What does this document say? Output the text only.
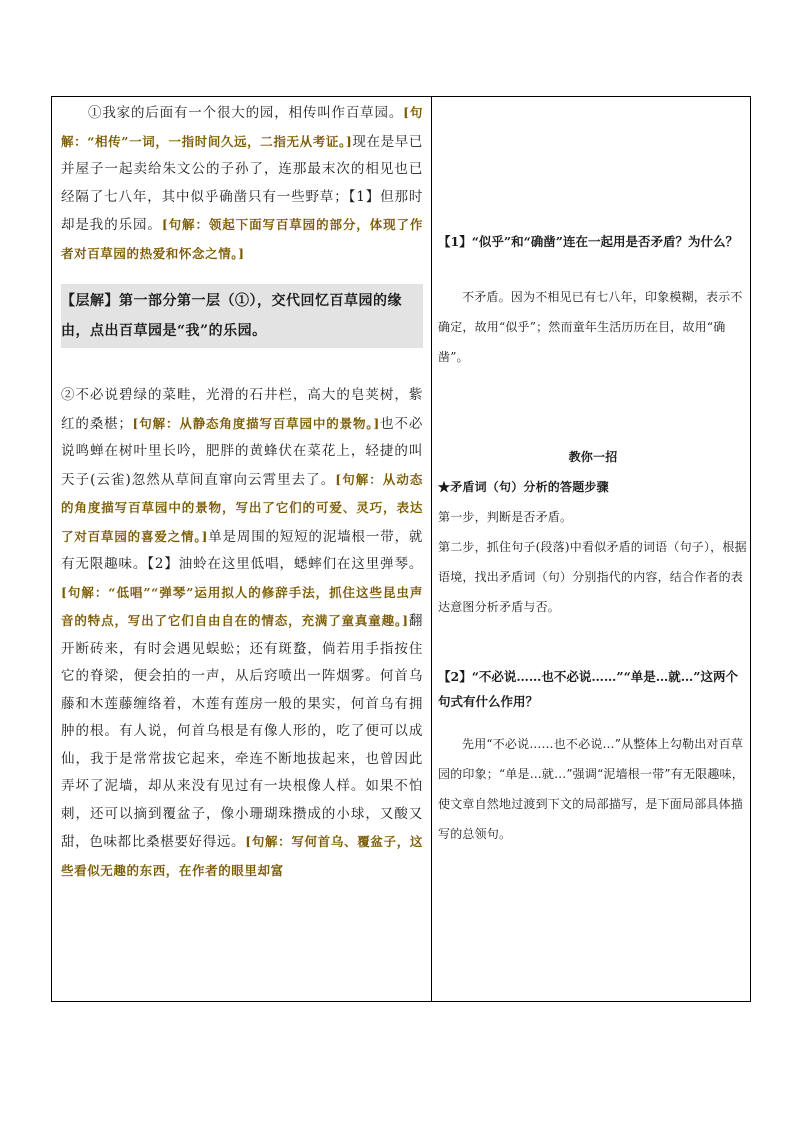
①我家的后面有一个很大的园，相传叫作百草园。[句解：“相传”一词，一指时间久远，二指无从考证。]现在是早已并屋子一起卖给朱文公的子孙了，连那最末次的相见也已经隔了七八年，其中似乎确凿只有一些野草；【1】但那时却是我的乐园。[句解：领起下面写百草园的部分，体现了作者对百草园的热爱和怀念之情。]

【层解】第一部分第一层（①），交代回忆百草园的缘由，点出百草园是“我”的乐园。

②不必说碧绿的菜畦，光滑的石井栏，高大的皂荚树，紫红的桑椹；[句解：从静态角度描写百草园中的景物。]也不必说鸣蝉在树叶里长吟，肥胖的黄蜂伏在菜花上，轻捷的叫天子(云雀)忽然从草间直窜向云霄里去了。[句解：从动态的角度描写百草园中的景物，写出了它们的可爱、灵巧，表达了对百草园的喜爱之情。]单是周围的短短的泥墙根一带，就有无限趣味。【2】油蛉在这里低唱，蟋蟀们在这里弹琴。[句解：“低唱”“弹琴”运用拟人的修辞手法，抓住这些昆虫声音的特点，写出了它们自由自在的情态，充满了童真童趣。]翻开断砖来，有时会遇见蜈蚣；还有斑蝥，倘若用手指按住它的脊梁，便会拍的一声，从后窍喷出一阵烟雾。何首乌藤和木莲藤缠络着，木莲有莲房一般的果实，何首乌有拥肿的根。有人说，何首乌根是有像人形的，吃了便可以成仙，我于是常常拔它起来，牵连不断地拔起来，也曾因此弄坏了泥墙，却从来没有见过有一块根像人样。如果不怕刺，还可以摘到覆盆子，像小珊瑚珠攒成的小球，又酸又甜，色味都比桑椹要好得远。[句解：写何首乌、覆盆子，这些看似无趣的东西，在作者的眼里却富

【1】“似乎”和“确凿”连在一起用是否矛盾？为什么？

不矛盾。因为不相见已有七八年，印象模糊，表示不确定，故用“似乎”；然而童年生活历历在目，故用“确凿”。

教你一招

★矛盾词（句）分析的答题步骤

第一步，判断是否矛盾。

第二步，抓住句子(段落)中看似矛盾的词语（句子），根据语境，找出矛盾词（句）分别指代的内容，结合作者的表达意图分析矛盾与否。

【2】“不必说……也不必说……”“单是…就…”这两个句式有什么作用？

先用“不必说……也不必说…”从整体上勾勒出对百草园的印象；“单是…就…”强调“泥墙根一带”有无限趣味，使文章自然地过渡到下文的局部描写，是下面局部具体描写的总领句。
